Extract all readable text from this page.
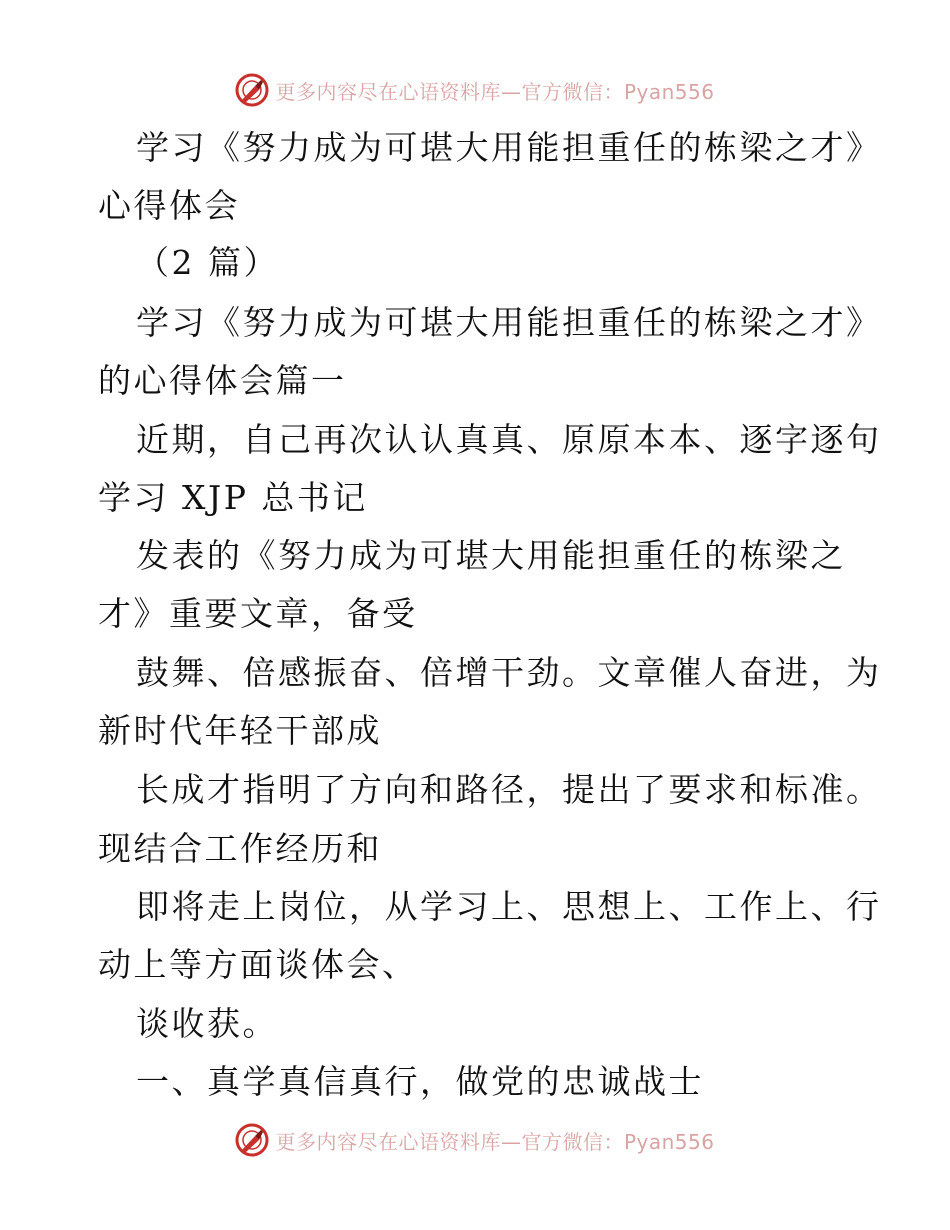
更多内容尽在心语资料库—官方微信：Pyan556
学习《努力成为可堪大用能担重任的栋梁之才》
心得体会
（2 篇）
学习《努力成为可堪大用能担重任的栋梁之才》
的心得体会篇一
近期，自己再次认认真真、原原本本、逐字逐句
学习 XJP 总书记
发表的《努力成为可堪大用能担重任的栋梁之
才》重要文章，备受
鼓舞、倍感振奋、倍增干劲。文章催人奋进，为
新时代年轻干部成
长成才指明了方向和路径，提出了要求和标准。
现结合工作经历和
即将走上岗位，从学习上、思想上、工作上、行
动上等方面谈体会、
谈收获。
一、真学真信真行，做党的忠诚战士
更多内容尽在心语资料库—官方微信：Pyan556
